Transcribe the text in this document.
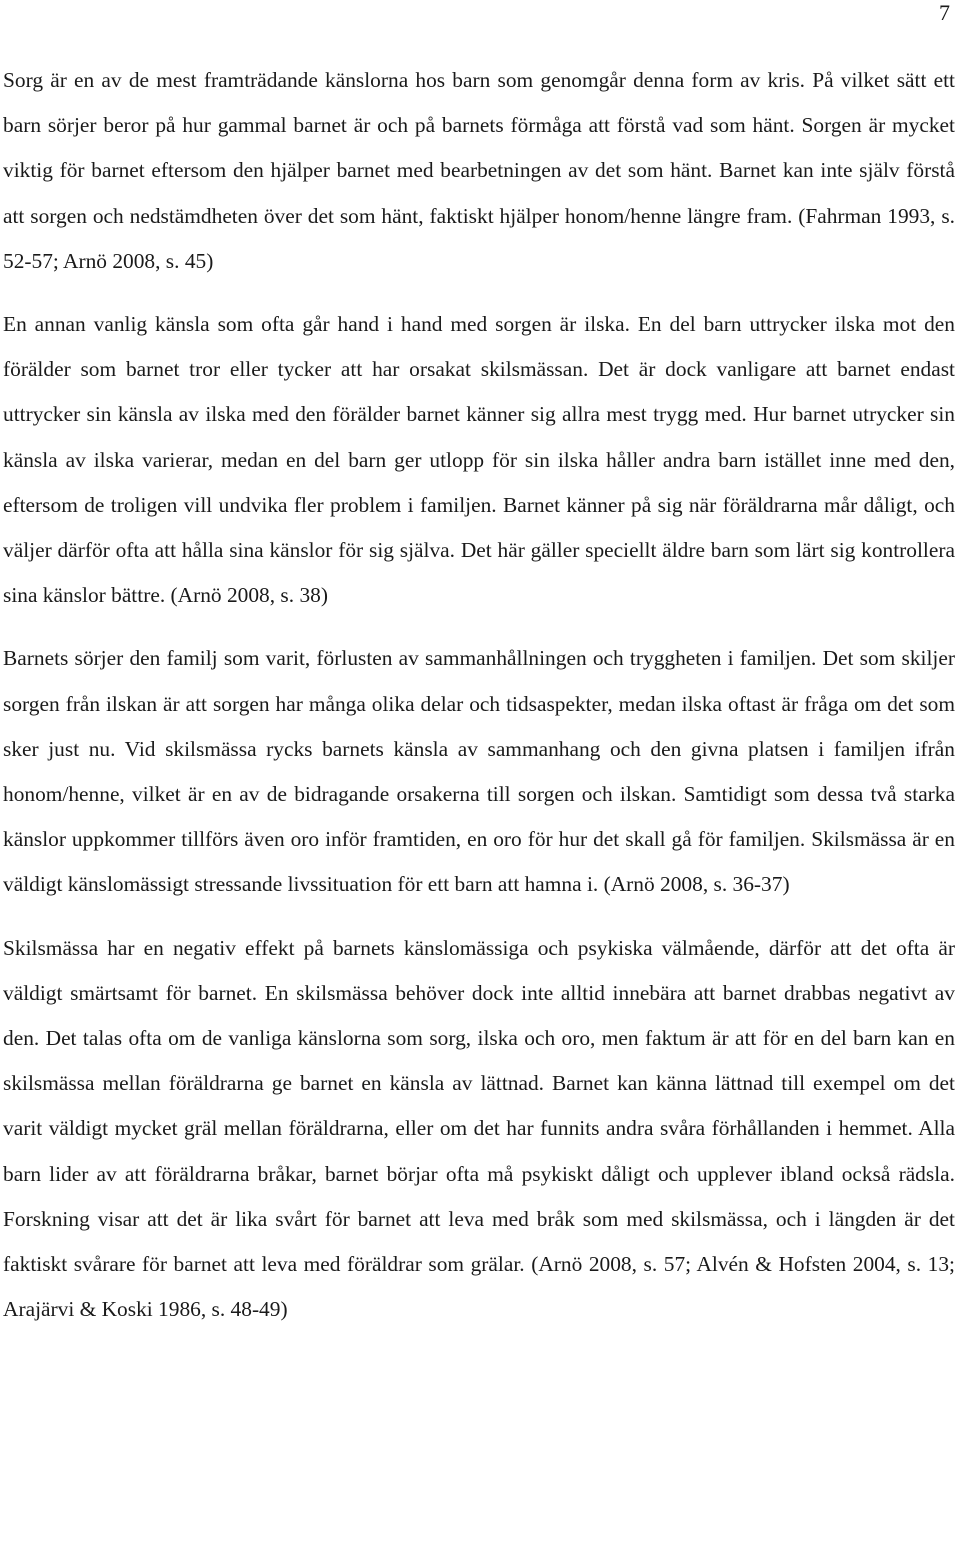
7

Sorg är en av de mest framträdande känslorna hos barn som genomgår denna form av kris. På vilket sätt ett barn sörjer beror på hur gammal barnet är och på barnets förmåga att förstå vad som hänt. Sorgen är mycket viktig för barnet eftersom den hjälper barnet med bearbetningen av det som hänt. Barnet kan inte själv förstå att sorgen och nedstämdheten över det som hänt, faktiskt hjälper honom/henne längre fram. (Fahrman 1993, s. 52-57; Arnö 2008, s. 45)

En annan vanlig känsla som ofta går hand i hand med sorgen är ilska. En del barn uttrycker ilska mot den förälder som barnet tror eller tycker att har orsakat skilsmässan. Det är dock vanligare att barnet endast uttrycker sin känsla av ilska med den förälder barnet känner sig allra mest trygg med. Hur barnet utrycker sin känsla av ilska varierar, medan en del barn ger utlopp för sin ilska håller andra barn istället inne med den, eftersom de troligen vill undvika fler problem i familjen. Barnet känner på sig när föräldrarna mår dåligt, och väljer därför ofta att hålla sina känslor för sig själva. Det här gäller speciellt äldre barn som lärt sig kontrollera sina känslor bättre. (Arnö 2008, s. 38)

Barnets sörjer den familj som varit, förlusten av sammanhållningen och tryggheten i familjen. Det som skiljer sorgen från ilskan är att sorgen har många olika delar och tidsaspekter, medan ilska oftast är fråga om det som sker just nu. Vid skilsmässa rycks barnets känsla av sammanhang och den givna platsen i familjen ifrån honom/henne, vilket är en av de bidragande orsakerna till sorgen och ilskan. Samtidigt som dessa två starka känslor uppkommer tillförs även oro inför framtiden, en oro för hur det skall gå för familjen. Skilsmässa är en väldigt känslomässigt stressande livssituation för ett barn att hamna i. (Arnö 2008, s. 36-37)

Skilsmässa har en negativ effekt på barnets känslomässiga och psykiska välmående, därför att det ofta är väldigt smärtsamt för barnet. En skilsmässa behöver dock inte alltid innebära att barnet drabbas negativt av den. Det talas ofta om de vanliga känslorna som sorg, ilska och oro, men faktum är att för en del barn kan en skilsmässa mellan föräldrarna ge barnet en känsla av lättnad. Barnet kan känna lättnad till exempel om det varit väldigt mycket gräl mellan föräldrarna, eller om det har funnits andra svåra förhållanden i hemmet. Alla barn lider av att föräldrarna bråkar, barnet börjar ofta må psykiskt dåligt och upplever ibland också rädsla. Forskning visar att det är lika svårt för barnet att leva med bråk som med skilsmässa, och i längden är det faktiskt svårare för barnet att leva med föräldrar som grälar. (Arnö 2008, s. 57; Alvén & Hofsten 2004, s. 13; Arajärvi & Koski 1986, s. 48-49)
